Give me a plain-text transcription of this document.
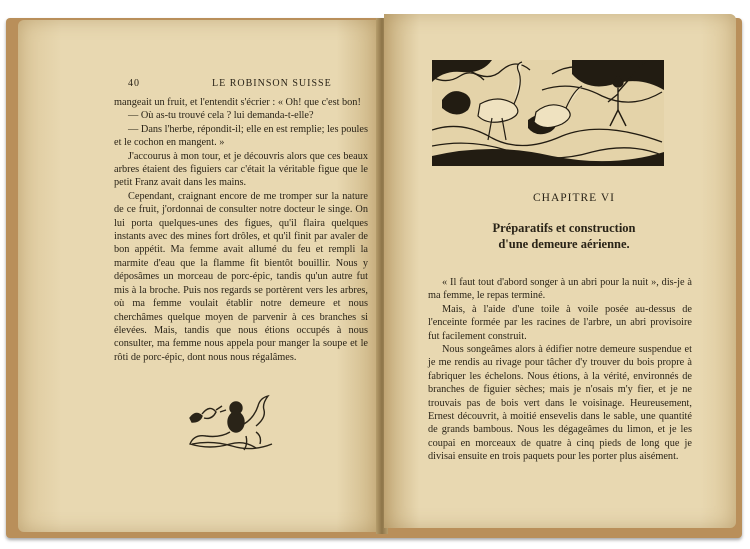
40	LE ROBINSON SUISSE

mangeait un fruit, et l'entendit s'écrier : « Oh! que c'est bon!

— Où as-tu trouvé cela ? lui demanda-t-elle?

— Dans l'herbe, répondit-il; elle en est remplie; les poules et le cochon en mangent. »

J'accourus à mon tour, et je découvris alors que ces beaux arbres étaient des figuiers car c'était la véritable figue que le petit Franz avait dans les mains.

Cependant, craignant encore de me tromper sur la nature de ce fruit, j'ordonnai de consulter notre docteur le singe. On lui porta quelques-unes des figues, qu'il flaira quelques instants avec des mines fort drôles, et qu'il finit par avaler de bon appétit. Ma femme avait allumé du feu et rempli la marmite d'eau que la flamme fit bientôt bouillir. Nous y déposâmes un morceau de porc-épic, tandis qu'un autre fut mis à la broche. Puis nos regards se portèrent vers les arbres, où ma femme voulait établir notre demeure et nous cherchâmes quelque moyen de parvenir à ces branches si élevées. Mais, tandis que nous étions occupés à nous consulter, ma femme nous appela pour manger la soupe et le rôti de porc-épic, dont nous nous régalâmes.

CHAPITRE VI
Préparatifs et construction
d'une demeure aérienne.

« Il faut tout d'abord songer à un abri pour la nuit », dis-je à ma femme, le repas terminé.

Mais, à l'aide d'une toile à voile posée au-dessus de l'enceinte formée par les racines de l'arbre, un abri provisoire fut facilement construit.

Nous songeâmes alors à édifier notre demeure suspendue et je me rendis au rivage pour tâcher d'y trouver du bois propre à fabriquer les échelons. Nous étions, à la vérité, environnés de branches de figuier sèches; mais je n'osais m'y fier, et je ne trouvais pas de bois vert dans le voisinage. Heureusement, Ernest découvrit, à moitié ensevelis dans le sable, une quantité de grands bambous. Nous les dégageâmes du limon, et je les coupai en morceaux de quatre à cinq pieds de long que je divisai ensuite en trois paquets pour les porter plus aisément.
